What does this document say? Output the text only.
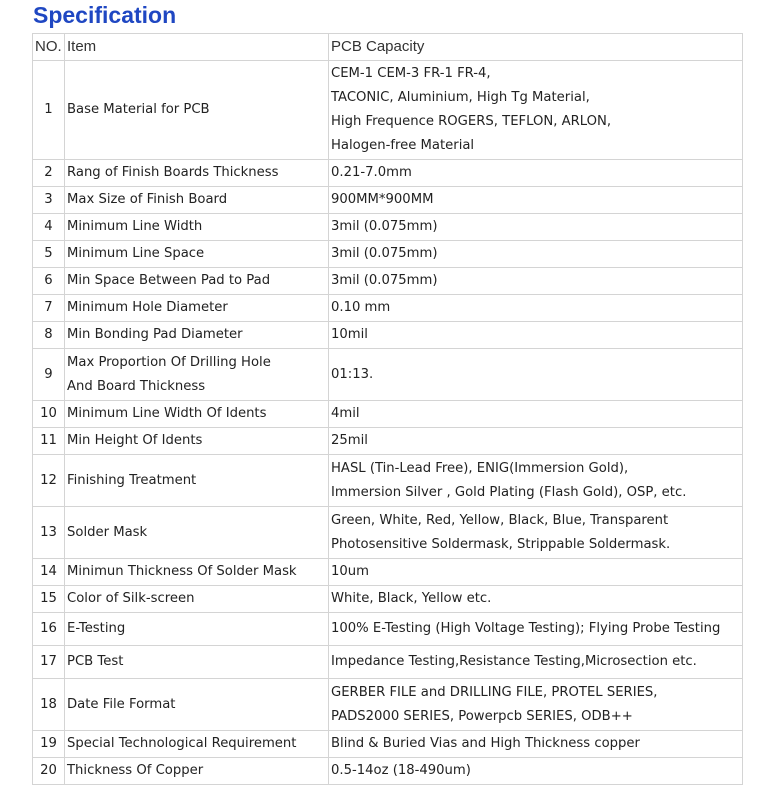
Specification
NO.	Item	PCB Capacity
1	Base Material for PCB	CEM-1 CEM-3 FR-1 FR-4,
TACONIC, Aluminium, High Tg Material,
High Frequence ROGERS, TEFLON, ARLON,
Halogen-free Material

2	Rang of Finish Boards Thickness	0.21-7.0mm

3	Max Size of Finish Board	900MM*900MM

4	Minimum Line Width	3mil (0.075mm)

5	Minimum Line Space	3mil (0.075mm)

6	Min Space Between Pad to Pad	3mil (0.075mm)

7	Minimum Hole Diameter	0.10 mm

8	Min Bonding Pad Diameter	10mil

9	Max Proportion Of Drilling Hole
And Board Thickness	01:13.

10	Minimum Line Width Of Idents	4mil

11	Min Height Of Idents	25mil

12	Finishing Treatment	HASL (Tin-Lead Free), ENIG(Immersion Gold),
Immersion Silver , Gold Plating (Flash Gold), OSP, etc.

13	Solder Mask	Green, White, Red, Yellow, Black, Blue, Transparent
Photosensitive Soldermask, Strippable Soldermask.

14	Minimun Thickness Of Solder Mask	10um

15	Color of Silk-screen	White, Black, Yellow etc.

16	E-Testing	100% E-Testing (High Voltage Testing); Flying Probe Testing

17	PCB Test	Impedance Testing,Resistance Testing,Microsection etc.

18	Date File Format	GERBER FILE and DRILLING FILE, PROTEL SERIES,
PADS2000 SERIES, Powerpcb SERIES, ODB++

19	Special Technological Requirement	Blind & Buried Vias and High Thickness copper

20	Thickness Of Copper	0.5-14oz (18-490um)
